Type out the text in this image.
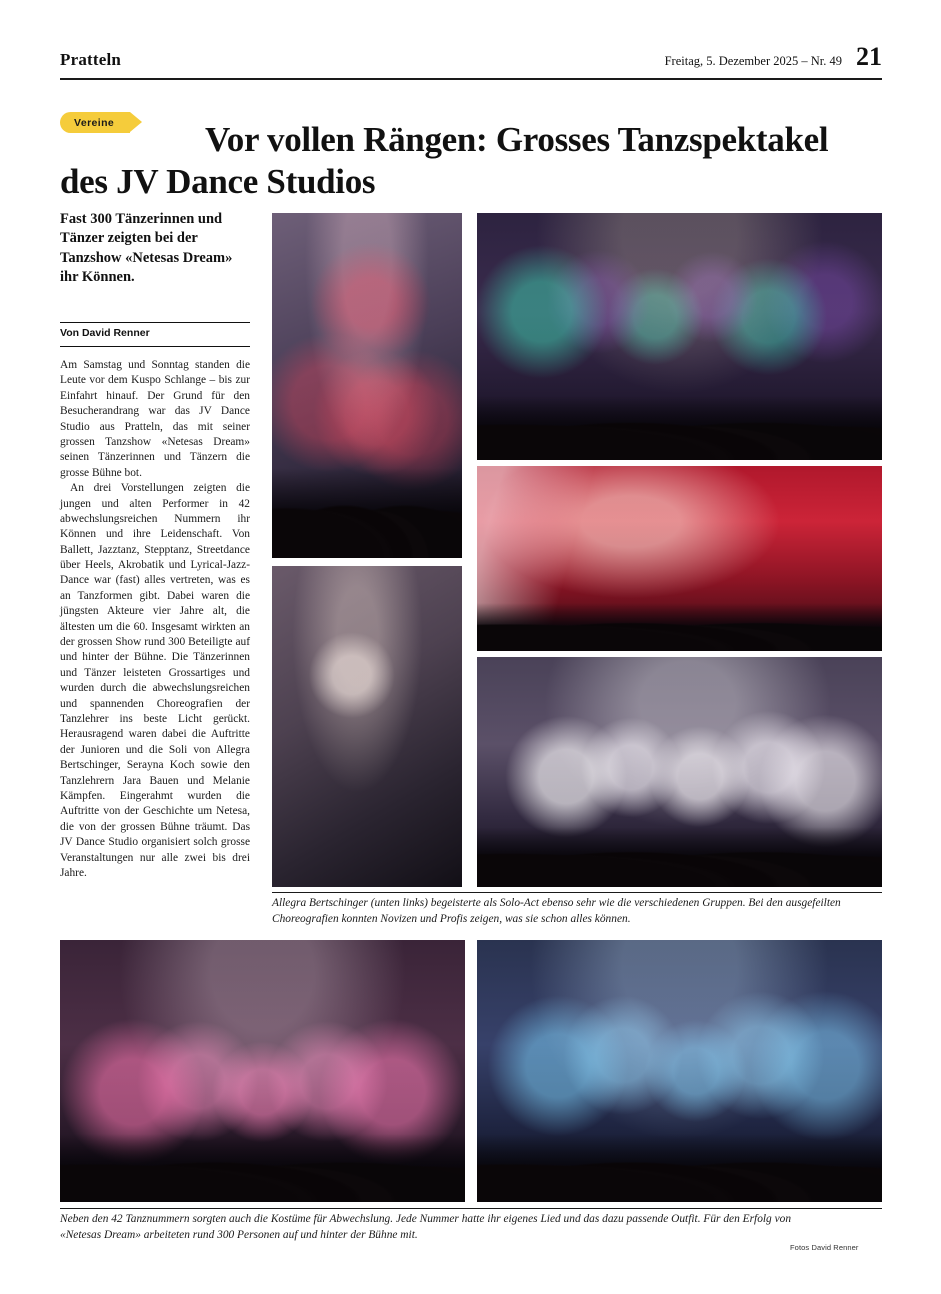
Pratteln	Freitag, 5. Dezember 2025 – Nr. 49 21
Vereine	Vor vollen Rängen: Grosses Tanzspektakel des JV Dance Studios
Fast 300 Tänzerinnen und Tänzer zeigten bei der Tanzshow «Netesas Dream» ihr Können.
Von David Renner

Am Samstag und Sonntag standen die Leute vor dem Kuspo Schlange – bis zur Einfahrt hinauf. Der Grund für den Besucherandrang war das JV Dance Studio aus Pratteln, das mit seiner grossen Tanzshow «Netesas Dream» seinen Tänzerinnen und Tänzern die grosse Bühne bot.

An drei Vorstellungen zeigten die jungen und alten Performer in 42 abwechslungsreichen Nummern ihr Können und ihre Leidenschaft. Von Ballett, Jazztanz, Stepptanz, Streetdance über Heels, Akrobatik und Lyrical-Jazz-Dance war (fast) alles vertreten, was es an Tanzformen gibt. Dabei waren die jüngsten Akteure vier Jahre alt, die ältesten um die 60. Insgesamt wirkten an der grossen Show rund 300 Beteiligte auf und hinter der Bühne. Die Tänzerinnen und Tänzer leisteten Grossartiges und wurden durch die abwechslungsreichen und spannenden Choreografien der Tanzlehrer ins beste Licht gerückt. Herausragend waren dabei die Auftritte der Junioren und die Soli von Allegra Bertschinger, Serayna Koch sowie den Tanzlehrern Jara Bauen und Melanie Kämpfen. Eingerahmt wurden die Auftritte von der Geschichte um Netesa, die von der grossen Bühne träumt. Das JV Dance Studio organisiert solch grosse Veranstaltungen nur alle zwei bis drei Jahre.

Allegra Bertschinger (unten links) begeisterte als Solo-Act ebenso sehr wie die verschiedenen Gruppen. Bei den ausgefeilten Choreografien konnten Novizen und Profis zeigen, was sie schon alles können.
Neben den 42 Tanznummern sorgten auch die Kostüme für Abwechslung. Jede Nummer hatte ihr eigenes Lied und das dazu passende Outfit. Für den Erfolg von «Netesas Dream» arbeiteten rund 300 Personen auf und hinter der Bühne mit.
Fotos David Renner
